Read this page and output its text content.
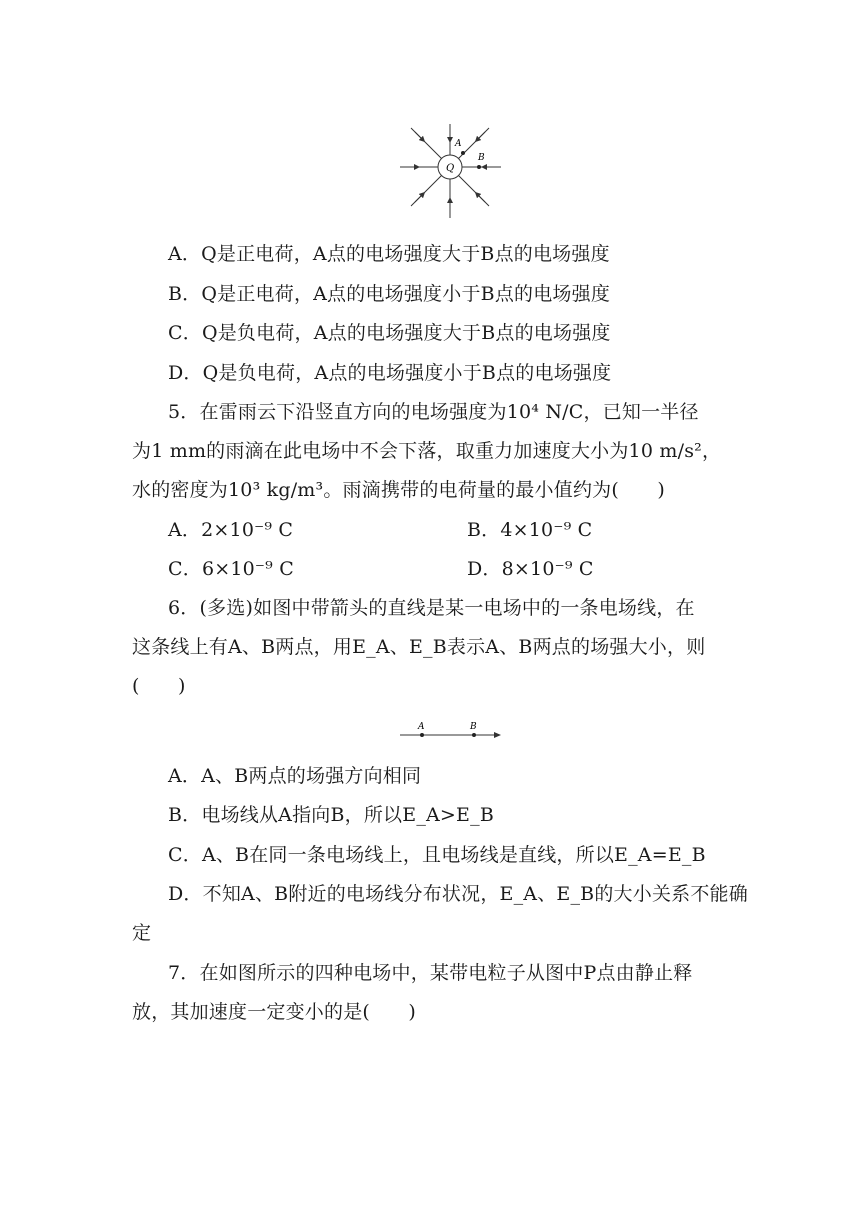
Q
A
B
A．Q是正电荷，A点的电场强度大于B点的电场强度
B．Q是正电荷，A点的电场强度小于B点的电场强度
C．Q是负电荷，A点的电场强度大于B点的电场强度
D．Q是负电荷，A点的电场强度小于B点的电场强度
5．在雷雨云下沿竖直方向的电场强度为10⁴ N/C，已知一半径
为1 mm的雨滴在此电场中不会下落，取重力加速度大小为10 m/s²，
水的密度为10³ kg/m³。雨滴携带的电荷量的最小值约为(　　)
A．2×10⁻⁹ C	B．4×10⁻⁹ C
C．6×10⁻⁹ C	D．8×10⁻⁹ C
6．(多选)如图中带箭头的直线是某一电场中的一条电场线，在
这条线上有A、B两点，用E_A、E_B表示A、B两点的场强大小，则
(　　)
A	B
A．A、B两点的场强方向相同
B．电场线从A指向B，所以E_A>E_B
C．A、B在同一条电场线上，且电场线是直线，所以E_A=E_B
D．不知A、B附近的电场线分布状况，E_A、E_B的大小关系不能确
定
7．在如图所示的四种电场中，某带电粒子从图中P点由静止释
放，其加速度一定变小的是(　　)
